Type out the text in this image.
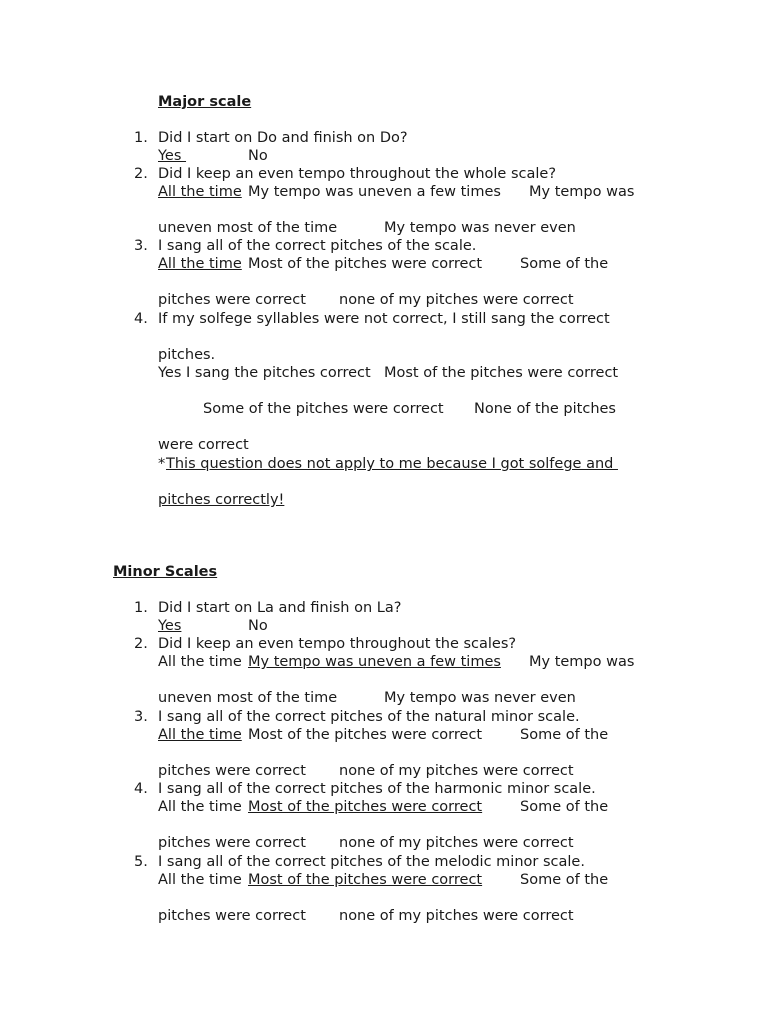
Major scale
1. Did I start on Do and finish on Do?
Yes	No
2. Did I keep an even tempo throughout the whole scale?
All the time My tempo was uneven a few times My tempo was
uneven most of the time	My tempo was never even
3. I sang all of the correct pitches of the scale.
All the time Most of the pitches were correct	Some of the
pitches were correct none of my pitches were correct
4. If my solfege syllables were not correct, I still sang the correct
pitches.
Yes I sang the pitches correct Most of the pitches were correct
Some of the pitches were correct None of the pitches
were correct
* This question does not apply to me because I got solfege and
pitches correctly!
Minor Scales
1. Did I start on La and finish on La?
Yes	No
2. Did I keep an even tempo throughout the scales?
All the time My tempo was uneven a few times My tempo was
uneven most of the time	My tempo was never even
3. I sang all of the correct pitches of the natural minor scale.
All the time Most of the pitches were correct	Some of the
pitches were correct none of my pitches were correct
4. I sang all of the correct pitches of the harmonic minor scale.
All the time Most of the pitches were correct	Some of the
pitches were correct none of my pitches were correct
5. I sang all of the correct pitches of the melodic minor scale.
All the time Most of the pitches were correct	Some of the
pitches were correct none of my pitches were correct
